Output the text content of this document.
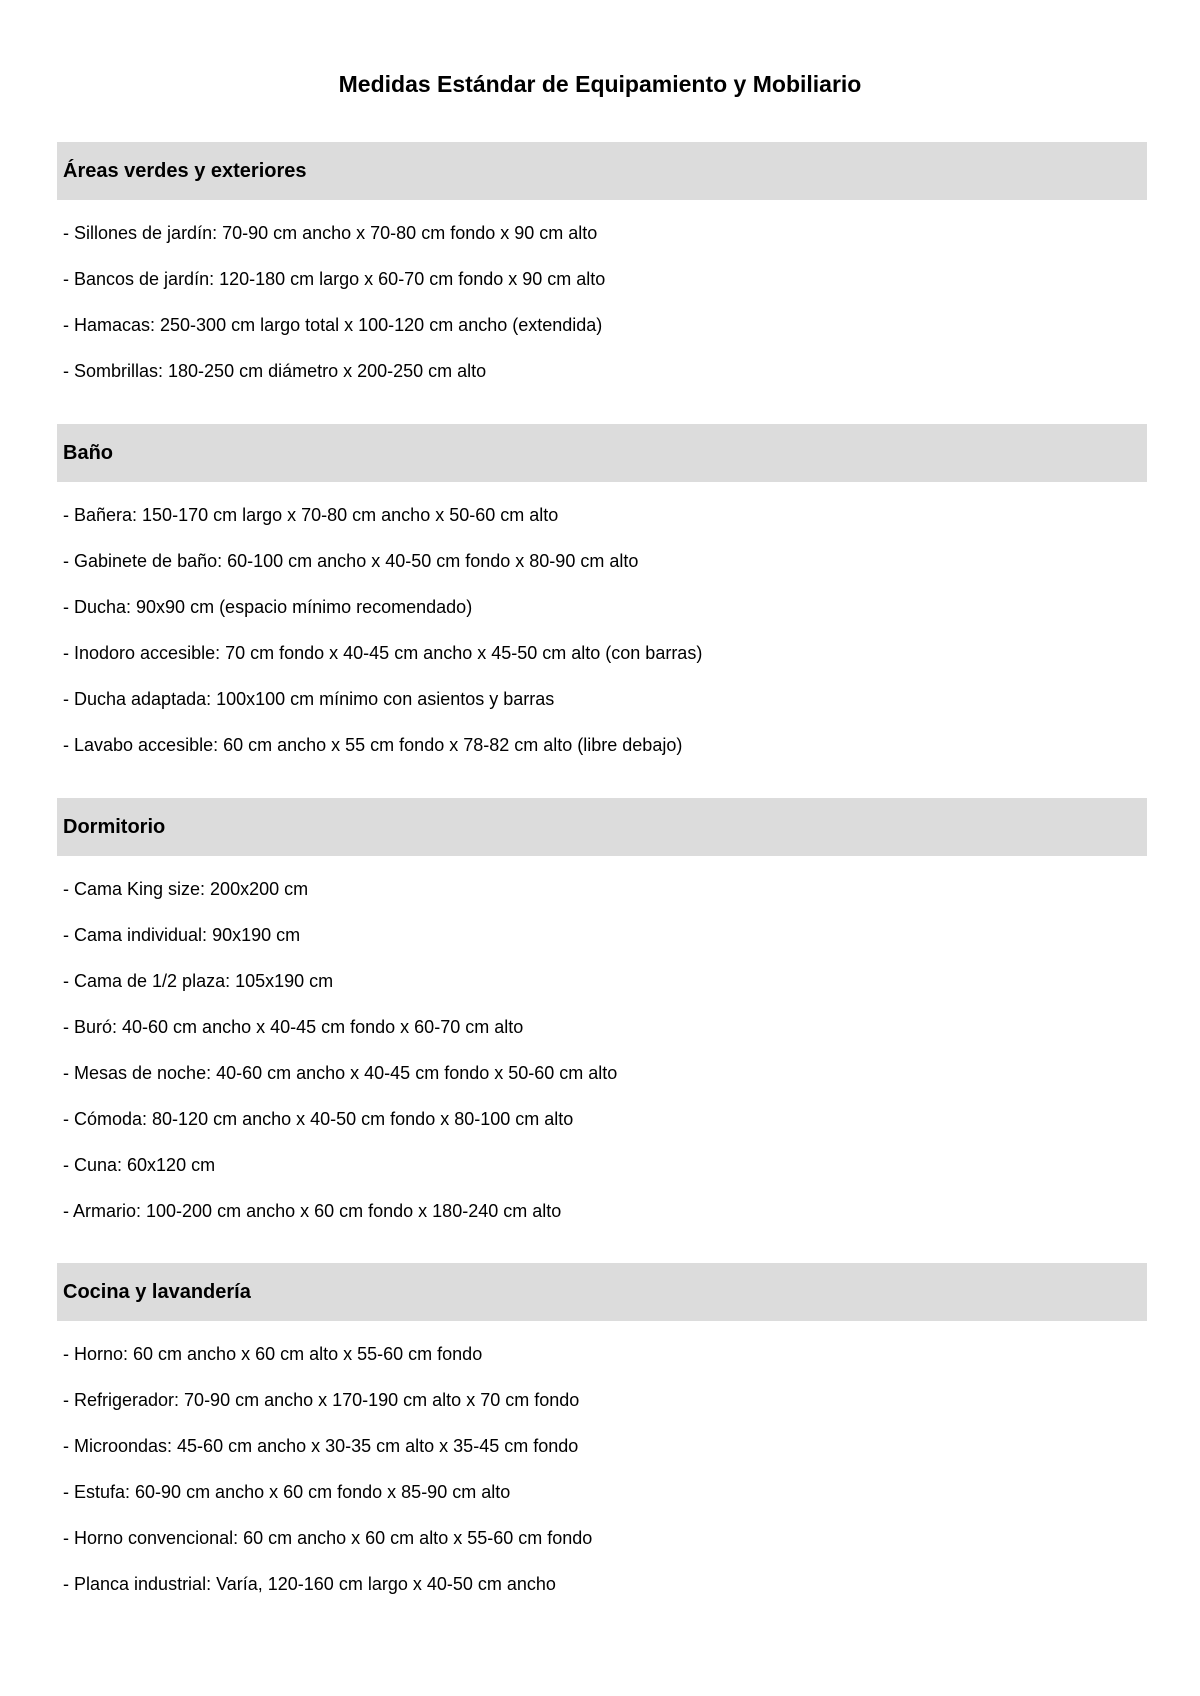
Medidas Estándar de Equipamiento y Mobiliario
Áreas verdes y exteriores
- Sillones de jardín: 70-90 cm ancho x 70-80 cm fondo x 90 cm alto
- Bancos de jardín: 120-180 cm largo x 60-70 cm fondo x 90 cm alto
- Hamacas: 250-300 cm largo total x 100-120 cm ancho (extendida)
- Sombrillas: 180-250 cm diámetro x 200-250 cm alto
Baño
- Bañera: 150-170 cm largo x 70-80 cm ancho x 50-60 cm alto
- Gabinete de baño: 60-100 cm ancho x 40-50 cm fondo x 80-90 cm alto
- Ducha: 90x90 cm (espacio mínimo recomendado)
- Inodoro accesible: 70 cm fondo x 40-45 cm ancho x 45-50 cm alto (con barras)
- Ducha adaptada: 100x100 cm mínimo con asientos y barras
- Lavabo accesible: 60 cm ancho x 55 cm fondo x 78-82 cm alto (libre debajo)
Dormitorio
- Cama King size: 200x200 cm
- Cama individual: 90x190 cm
- Cama de 1/2 plaza: 105x190 cm
- Buró: 40-60 cm ancho x 40-45 cm fondo x 60-70 cm alto
- Mesas de noche: 40-60 cm ancho x 40-45 cm fondo x 50-60 cm alto
- Cómoda: 80-120 cm ancho x 40-50 cm fondo x 80-100 cm alto
- Cuna: 60x120 cm
- Armario: 100-200 cm ancho x 60 cm fondo x 180-240 cm alto
Cocina y lavandería
- Horno: 60 cm ancho x 60 cm alto x 55-60 cm fondo
- Refrigerador: 70-90 cm ancho x 170-190 cm alto x 70 cm fondo
- Microondas: 45-60 cm ancho x 30-35 cm alto x 35-45 cm fondo
- Estufa: 60-90 cm ancho x 60 cm fondo x 85-90 cm alto
- Horno convencional: 60 cm ancho x 60 cm alto x 55-60 cm fondo
- Planca industrial: Varía, 120-160 cm largo x 40-50 cm ancho
